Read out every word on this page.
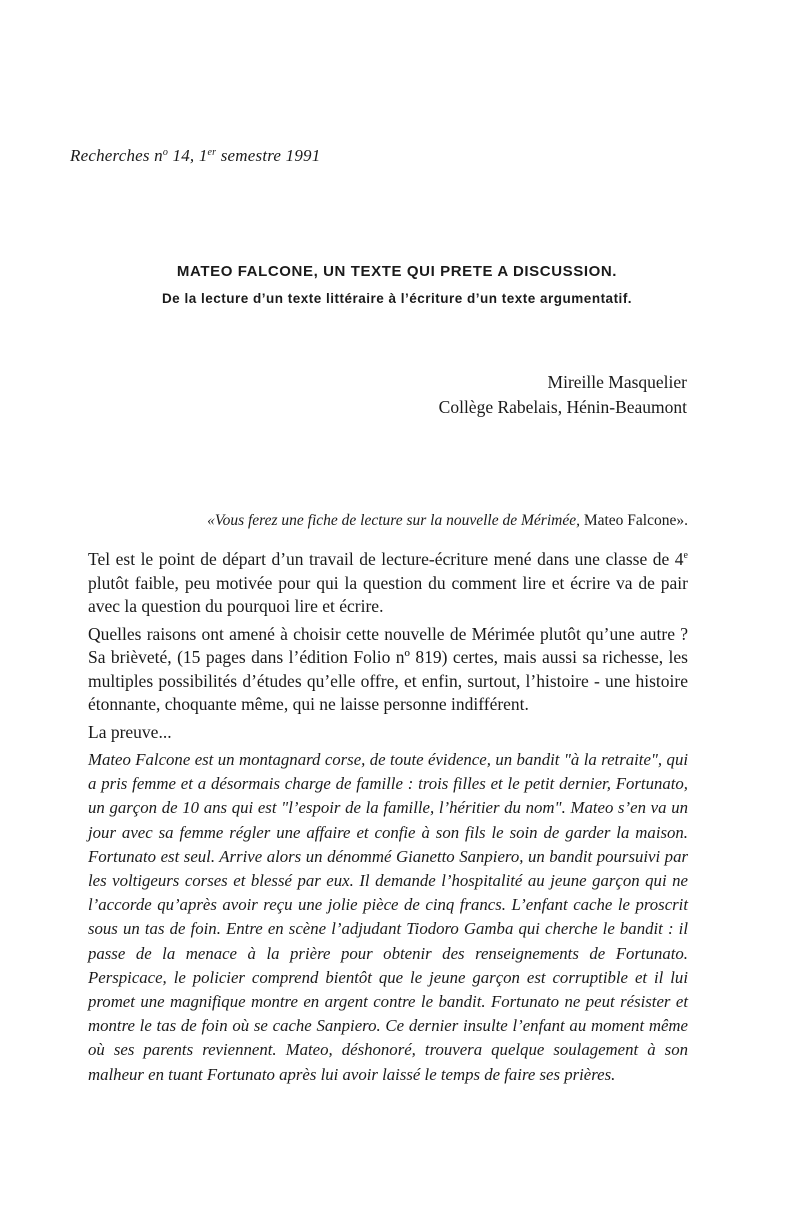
Recherches $n^o$ 14, 1er semestre 1991
MATEO FALCONE, UN TEXTE QUI PRETE A DISCUSSION.
De la lecture d’un texte littéraire à l’écriture d’un texte argumentatif.
Mireille Masquelier
Collège Rabelais, Hénin-Beaumont
«Vous ferez une fiche de lecture sur la nouvelle de Mérimée, Mateo Falcone».

Tel est le point de départ d’un travail de lecture-écriture mené dans une classe de 4e plutôt faible, peu motivée pour qui la question du comment lire et écrire va de pair avec la question du pourquoi lire et écrire.

Quelles raisons ont amené à choisir cette nouvelle de Mérimée plutôt qu’une autre ? Sa brièveté, (15 pages dans l’édition Folio nº 819) certes, mais aussi sa richesse, les multiples possibilités d’études qu’elle offre, et enfin, surtout, l’histoire - une histoire étonnante, choquante même, qui ne laisse personne indifférent.

La preuve...

Mateo Falcone est un montagnard corse, de toute évidence, un bandit "à la retraite", qui a pris femme et a désormais charge de famille : trois filles et le petit dernier, Fortunato, un garçon de 10 ans qui est "l’espoir de la famille, l’héritier du nom". Mateo s’en va un jour avec sa femme régler une affaire et confie à son fils le soin de garder la maison. Fortunato est seul. Arrive alors un dénommé Gianetto Sanpiero, un bandit poursuivi par les voltigeurs corses et blessé par eux. Il demande l’hospitalité au jeune garçon qui ne l’accorde qu’après avoir reçu une jolie pièce de cinq francs. L’enfant cache le proscrit sous un tas de foin. Entre en scène l’adjudant Tiodoro Gamba qui cherche le bandit : il passe de la menace à la prière pour obtenir des renseignements de Fortunato. Perspicace, le policier comprend bientôt que le jeune garçon est corruptible et il lui promet une magnifique montre en argent contre le bandit. Fortunato ne peut résister et montre le tas de foin où se cache Sanpiero. Ce dernier insulte l’enfant au moment même où ses parents reviennent. Mateo, déshonoré, trouvera quelque soulagement à son malheur en tuant Fortunato après lui avoir laissé le temps de faire ses prières.
